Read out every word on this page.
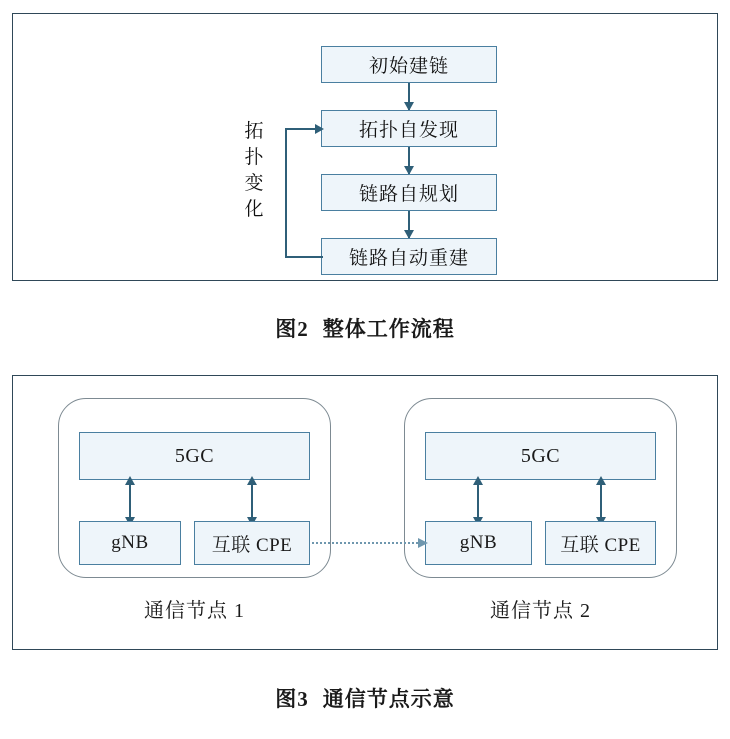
初始建链
拓扑自发现
链路自规划
链路自动重建
拓
扑
变
化
图2 整体工作流程
5GC	5GC
gNB	互联 CPE	gNB	互联 CPE
通信节点 1	通信节点 2
图3 通信节点示意
